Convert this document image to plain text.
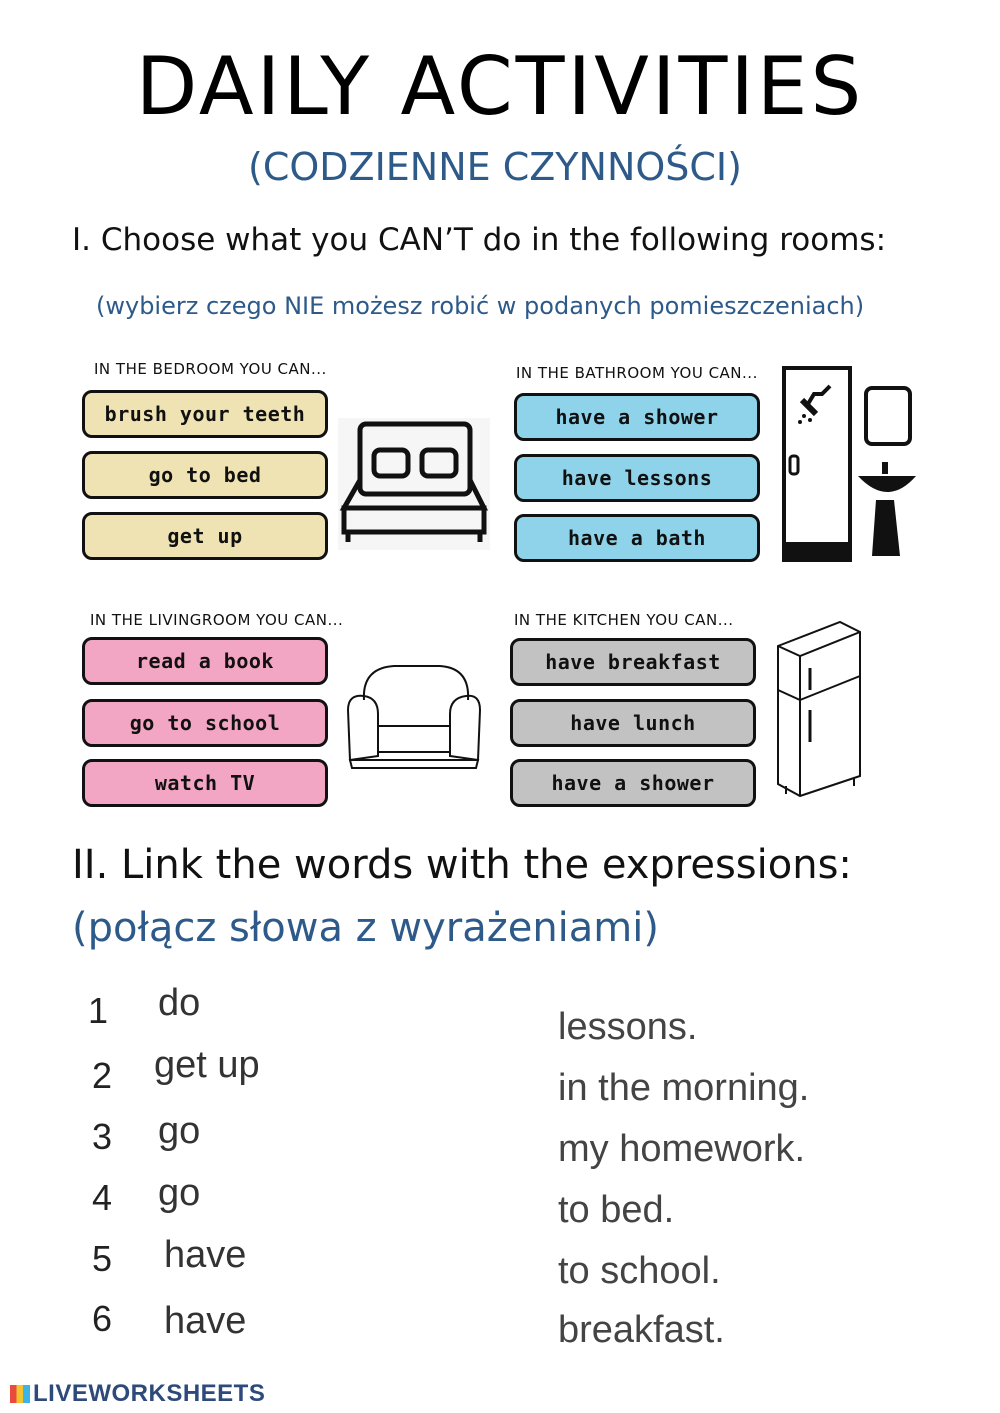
DAILY ACTIVITIES
(CODZIENNE CZYNNOŚCI)
I. Choose what you CAN’T do in the following rooms:
(wybierz czego NIE możesz robić w podanych pomieszczeniach)
IN THE BEDROOM YOU CAN...
brush your teeth
go to bed
get up
IN THE BATHROOM YOU CAN...
have a shower
have lessons
have a bath
IN THE LIVINGROOM YOU CAN...
read a book
go to school
watch TV
IN THE KITCHEN YOU CAN...
have breakfast
have lunch
have a shower
II. Link the words with the expressions:
(połącz słowa z wyrażeniami)
1 do
2 get up
3 go
4 go
5 have
6 have
lessons.
in the morning.
my homework.
to bed.
to school.
breakfast.
LIVEWORKSHEETS
